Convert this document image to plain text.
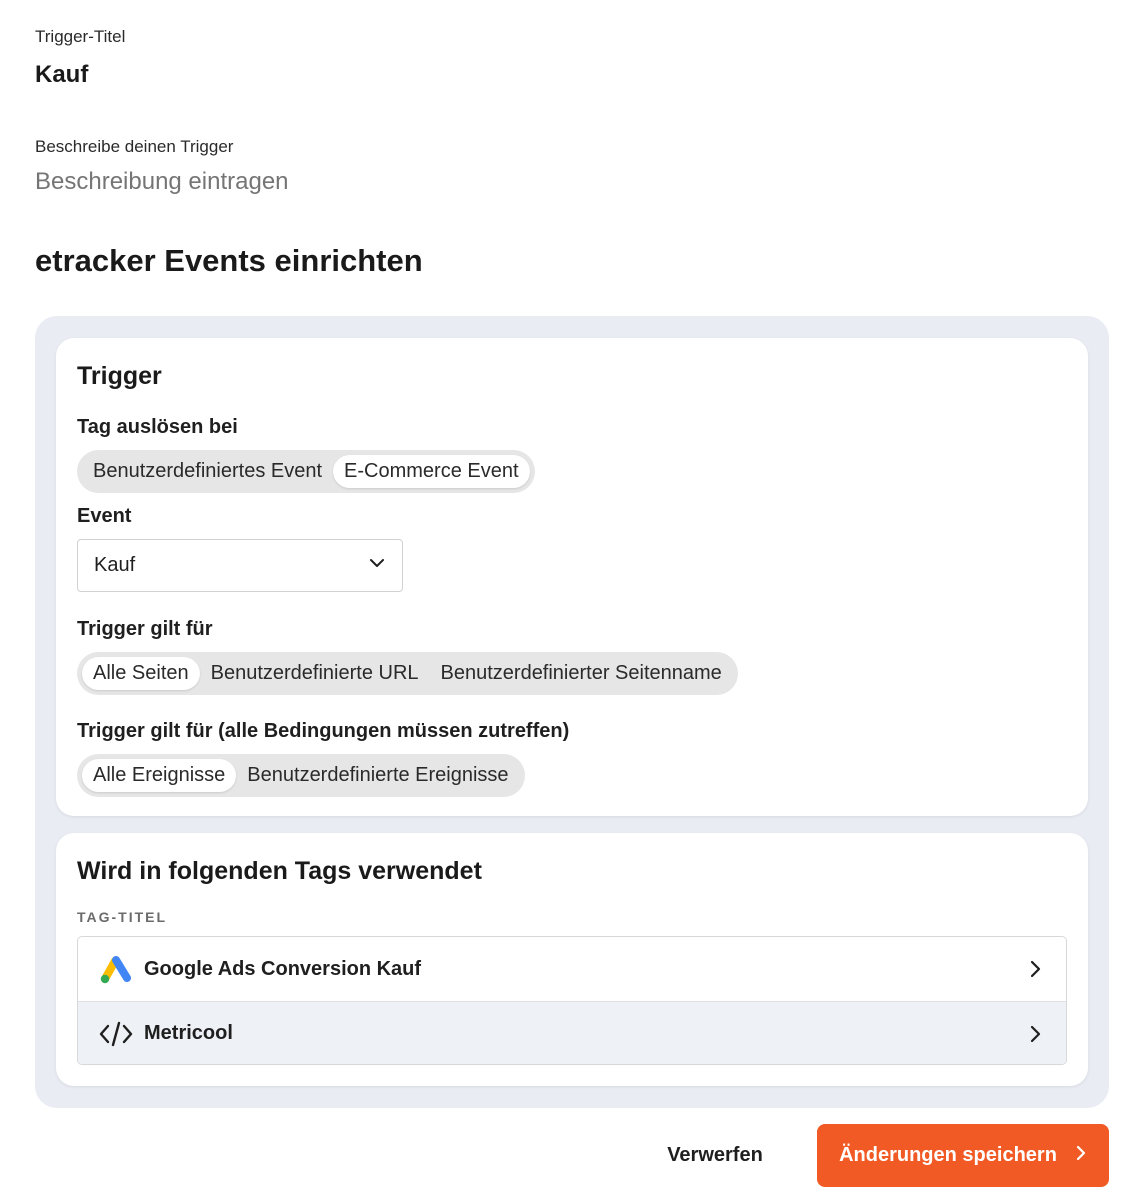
Trigger-Titel
Kauf
Beschreibe deinen Trigger
Beschreibung eintragen
etracker Events einrichten
Trigger
Tag auslösen bei
Benutzerdefiniertes Event	E-Commerce Event
Event
Kauf
Trigger gilt für
Alle Seiten	Benutzerdefinierte URL	Benutzerdefinierter Seitenname
Trigger gilt für (alle Bedingungen müssen zutreffen)
Alle Ereignisse	Benutzerdefinierte Ereignisse
Wird in folgenden Tags verwendet
TAG-TITEL
Google Ads Conversion Kauf
Metricool
Verwerfen	Änderungen speichern
